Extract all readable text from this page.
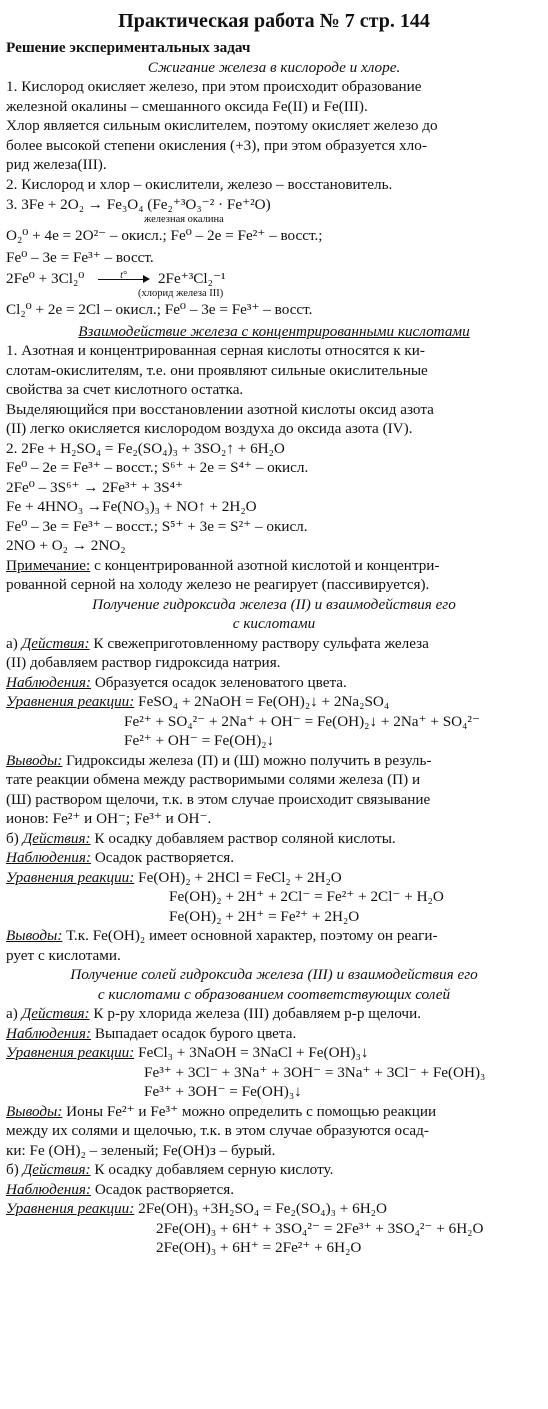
Практическая работа № 7 стр. 144
Решение экспериментальных задач
Сжигание железа в кислороде и хлоре.
1. Кислород окисляет железо, при этом происходит образование
железной окалины – смешанного оксида Fe(II) и Fe(III).
Хлор является сильным окислителем, поэтому окисляет железо до
более высокой степени окисления (+3), при этом образуется хло-
рид железа(III).
2. Кислород и хлор – окислители, железо – восстановитель.
3. 3Fe + 2O₂ → Fe₃O₄ (Fe₂⁺³O₃⁻² · Fe⁺²O)
железная окалина
O₂⁰ + 4e = 2O²⁻ – окисл.; Fe⁰ – 2e = Fe²⁺ – восст.;
Fe⁰ – 3e = Fe³⁺ – восст.
2Fe⁰ + 3Cl₂⁰	t° 2Fe⁺³Cl₂⁻¹
(хлорид железа III)
Cl₂⁰ + 2e = 2Cl – окисл.; Fe⁰ – 3e = Fe³⁺ – восст.
Взаимодействие железа с концентрированными кислотами
1. Азотная и концентрированная серная кислоты относятся к ки-
слотам-окислителям, т.е. они проявляют сильные окислительные
свойства за счет кислотного остатка.
Выделяющийся при восстановлении азотной кислоты оксид азота
(II) легко окисляется кислородом воздуха до оксида азота (IV).
2. 2Fe + H₂SO₄ = Fe₂(SO₄)₃ + 3SO₂↑ + 6H₂O
Fe⁰ – 2e = Fe³⁺ – восст.; S⁶⁺ + 2e = S⁴⁺ – окисл.
2Fe⁰ – 3S⁶⁺ → 2Fe³⁺ + 3S⁴⁺
Fe + 4HNO₃ →Fe(NO₃)₃ + NO↑ + 2H₂O
Fe⁰ – 3e = Fe³⁺ – восст.; S⁵⁺ + 3e = S²⁺ – окисл.
2NO + O₂ → 2NO₂
Примечание: с концентрированной азотной кислотой и концентри-
рованной серной на холоду железо не реагирует (пассивируется).
Получение гидроксида железа (II) и взаимодействия его
с кислотами
а) Действия: К свежеприготовленному раствору сульфата железа
(II) добавляем раствор гидроксида натрия.
Наблюдения: Образуется осадок зеленоватого цвета.
Уравнения реакции: FeSO₄ + 2NaOH = Fe(OH)₂↓ + 2Na₂SO₄
Fe²⁺ + SO₄²⁻ + 2Na⁺ + OH⁻ = Fe(OH)₂↓ + 2Na⁺ + SO₄²⁻
Fe²⁺ + OH⁻ = Fe(OH)₂↓
Выводы: Гидроксиды железа (П) и (Ш) можно получить в резуль-
тате реакции обмена между растворимыми солями железа (П) и
(Ш) раствором щелочи, т.к. в этом случае происходит связывание
ионов: Fe²⁺ и OH⁻; Fe³⁺ и OH⁻.
б) Действия: К осадку добавляем раствор соляной кислоты.
Наблюдения: Осадок растворяется.
Уравнения реакции: Fe(OH)₂ + 2HCl = FeCl₂ + 2H₂O
Fe(OH)₂ + 2H⁺ + 2Cl⁻ = Fe²⁺ + 2Cl⁻ + H₂O
Fe(OH)₂ + 2H⁺ = Fe²⁺ + 2H₂O
Выводы: Т.к. Fe(OH)₂ имеет основной характер, поэтому он реаги-
рует с кислотами.
Получение солей гидроксида железа (III) и взаимодействия его
с кислотами с образованием соответствующих солей
а) Действия: К р-ру хлорида железа (III) добавляем р-р щелочи.
Наблюдения: Выпадает осадок бурого цвета.
Уравнения реакции: FeCl₃ + 3NaOH = 3NaCl + Fe(OH)₃↓
Fe³⁺ + 3Cl⁻ + 3Na⁺ + 3OH⁻ = 3Na⁺ + 3Cl⁻ + Fe(OH)₃
Fe³⁺ + 3OH⁻ = Fe(OH)₃↓
Выводы: Ионы Fe²⁺ и Fe³⁺ можно определить с помощью реакции
между их солями и щелочью, т.к. в этом случае образуются осад-
ки: Fe (OH)₂ – зеленый; Fe(OH)з – бурый.
б) Действия: К осадку добавляем серную кислоту.
Наблюдения: Осадок растворяется.
Уравнения реакции: 2Fe(OH)₃ +3H₂SO₄ = Fe₂(SO₄)₃ + 6H₂O
2Fe(OH)₃ + 6H⁺ + 3SO₄²⁻ = 2Fe³⁺ + 3SO₄²⁻ + 6H₂O
2Fe(OH)₃ + 6H⁺ = 2Fe²⁺ + 6H₂O
